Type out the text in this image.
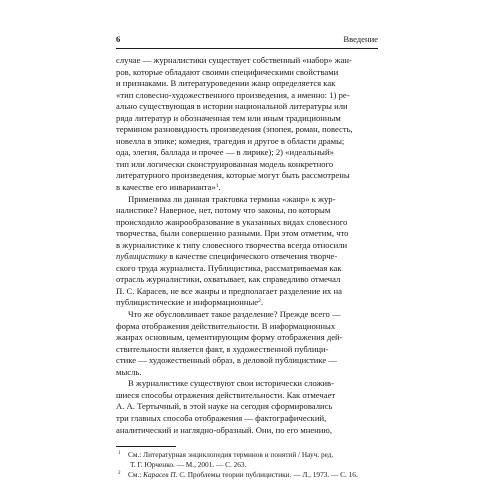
6	Введение
случае — журналистики существует собственный «набор» жан-
ров, которые обладают своими специфическими свойствами
и признаками. В литературоведении жанр определяется как
«тип словесно-художественного произведения, а именно: 1) ре-
ально существующая в истории национальной литературы или
ряда литератур и обозначенная тем или иным традиционным
термином разновидность произведения (эпопея, роман, повесть,
новелла в эпике; комедия, трагедия и другое в области драмы;
ода, элегия, баллада и прочее — в лирике); 2) «идеальный»
тип или логически сконструированная модель конкретного
литературного произведения, которые могут быть рассмотрены
в качестве его инварианта»$^1$.
Применима ли данная трактовка термина «жанр» к жур-
налистике? Наверное, нет, потому что законы, по которым
происходило жанрообразование в указанных видах словесного
творчества, были совершенно разными. При этом отметим, что
в журналистике к типу словесного творчества всегда относили
публицистику в качестве специфического отвечения творче-
ского труда журналиста. Публицистика, рассматриваемая как
отрасль журналистики, охватывает, как справедливо отмечал
П. С. Карасев, не все жанры и предполагает разделение их на
публицистические и информационные$^2$.
Что же обусловливает такое разделение? Прежде всего —
форма отображения действительности. В информационных
жанрах основным, цементирующим форму отображения дей-
ствительности является факт, в художественной публици-
стике — художественный образ, в деловой публицистике —
мысль.
В журналистике существуют свои исторически сложив-
шиеся способы отражения действительности. Как отмечает
А. А. Тертычный, в этой науке на сегодня сформировались
три главных способа отображения — фактографический,
аналитический и наглядно-образный. Они, по его мнению,
1 См.: Литературная энциклопедия терминов и понятий / Науч. ред.
Т. Г. Юрченко. — М., 2001. — С. 263.
2 См.: Карасев П. С. Проблемы теории публицистики. — Л., 1973. — С. 16.
